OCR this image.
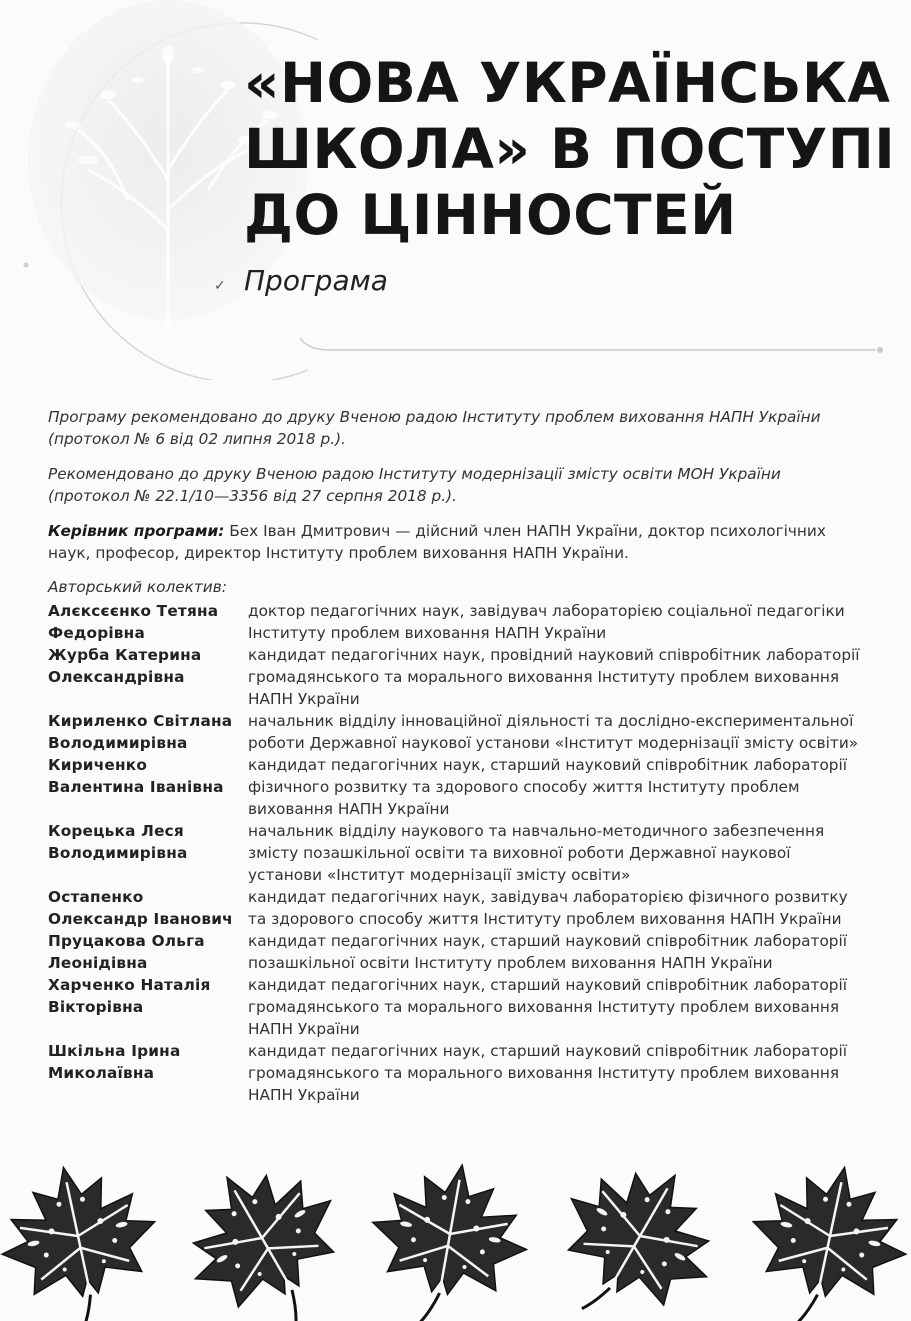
«НОВА УКРАЇНСЬКА
ШКОЛА» В ПОСТУПІ
ДО ЦІННОСТЕЙ
✓ Програма

Програму рекомендовано до друку Вченою радою Інституту проблем виховання НАПН України (протокол № 6 від 02 липня 2018 р.).

Рекомендовано до друку Вченою радою Інституту модернізації змісту освіти МОН України (протокол № 22.1/10—3356 від 27 серпня 2018 р.).

Керівник програми: Бех Іван Дмитрович — дійсний член НАПН України, доктор психологічних наук, професор, директор Інституту проблем виховання НАПН України.

Авторський колектив:
Алєксєєнко Тетяна Федорівна
доктор педагогічних наук, завідувач лабораторією соціальної педагогіки Інституту проблем виховання НАПН України
Журба Катерина Олександрівна
кандидат педагогічних наук, провідний науковий співробітник лабораторії громадянського та морального виховання Інституту проблем виховання НАПН України
Кириленко Світлана Володимирівна
начальник відділу інноваційної діяльності та дослідно-експериментальної роботи Державної наукової установи «Інститут модернізації змісту освіти»
Кириченко Валентина Іванівна
кандидат педагогічних наук, старший науковий співробітник лабораторії фізичного розвитку та здорового способу життя Інституту проблем виховання НАПН України
Корецька Леся Володимирівна
начальник відділу наукового та навчально-методичного забезпечення змісту позашкільної освіти та виховної роботи Державної наукової установи «Інститут модернізації змісту освіти»
Остапенко Олександр Іванович
кандидат педагогічних наук, завідувач лабораторією фізичного розвитку та здорового способу життя Інституту проблем виховання НАПН України
Пруцакова Ольга Леонідівна
кандидат педагогічних наук, старший науковий співробітник лабораторії позашкільної освіти Інституту проблем виховання НАПН України
Харченко Наталія Вікторівна
кандидат педагогічних наук, старший науковий співробітник лабораторії громадянського та морального виховання Інституту проблем виховання НАПН України
Шкільна Ірина Миколаївна
кандидат педагогічних наук, старший науковий співробітник лабораторії громадянського та морального виховання Інституту проблем виховання НАПН України
